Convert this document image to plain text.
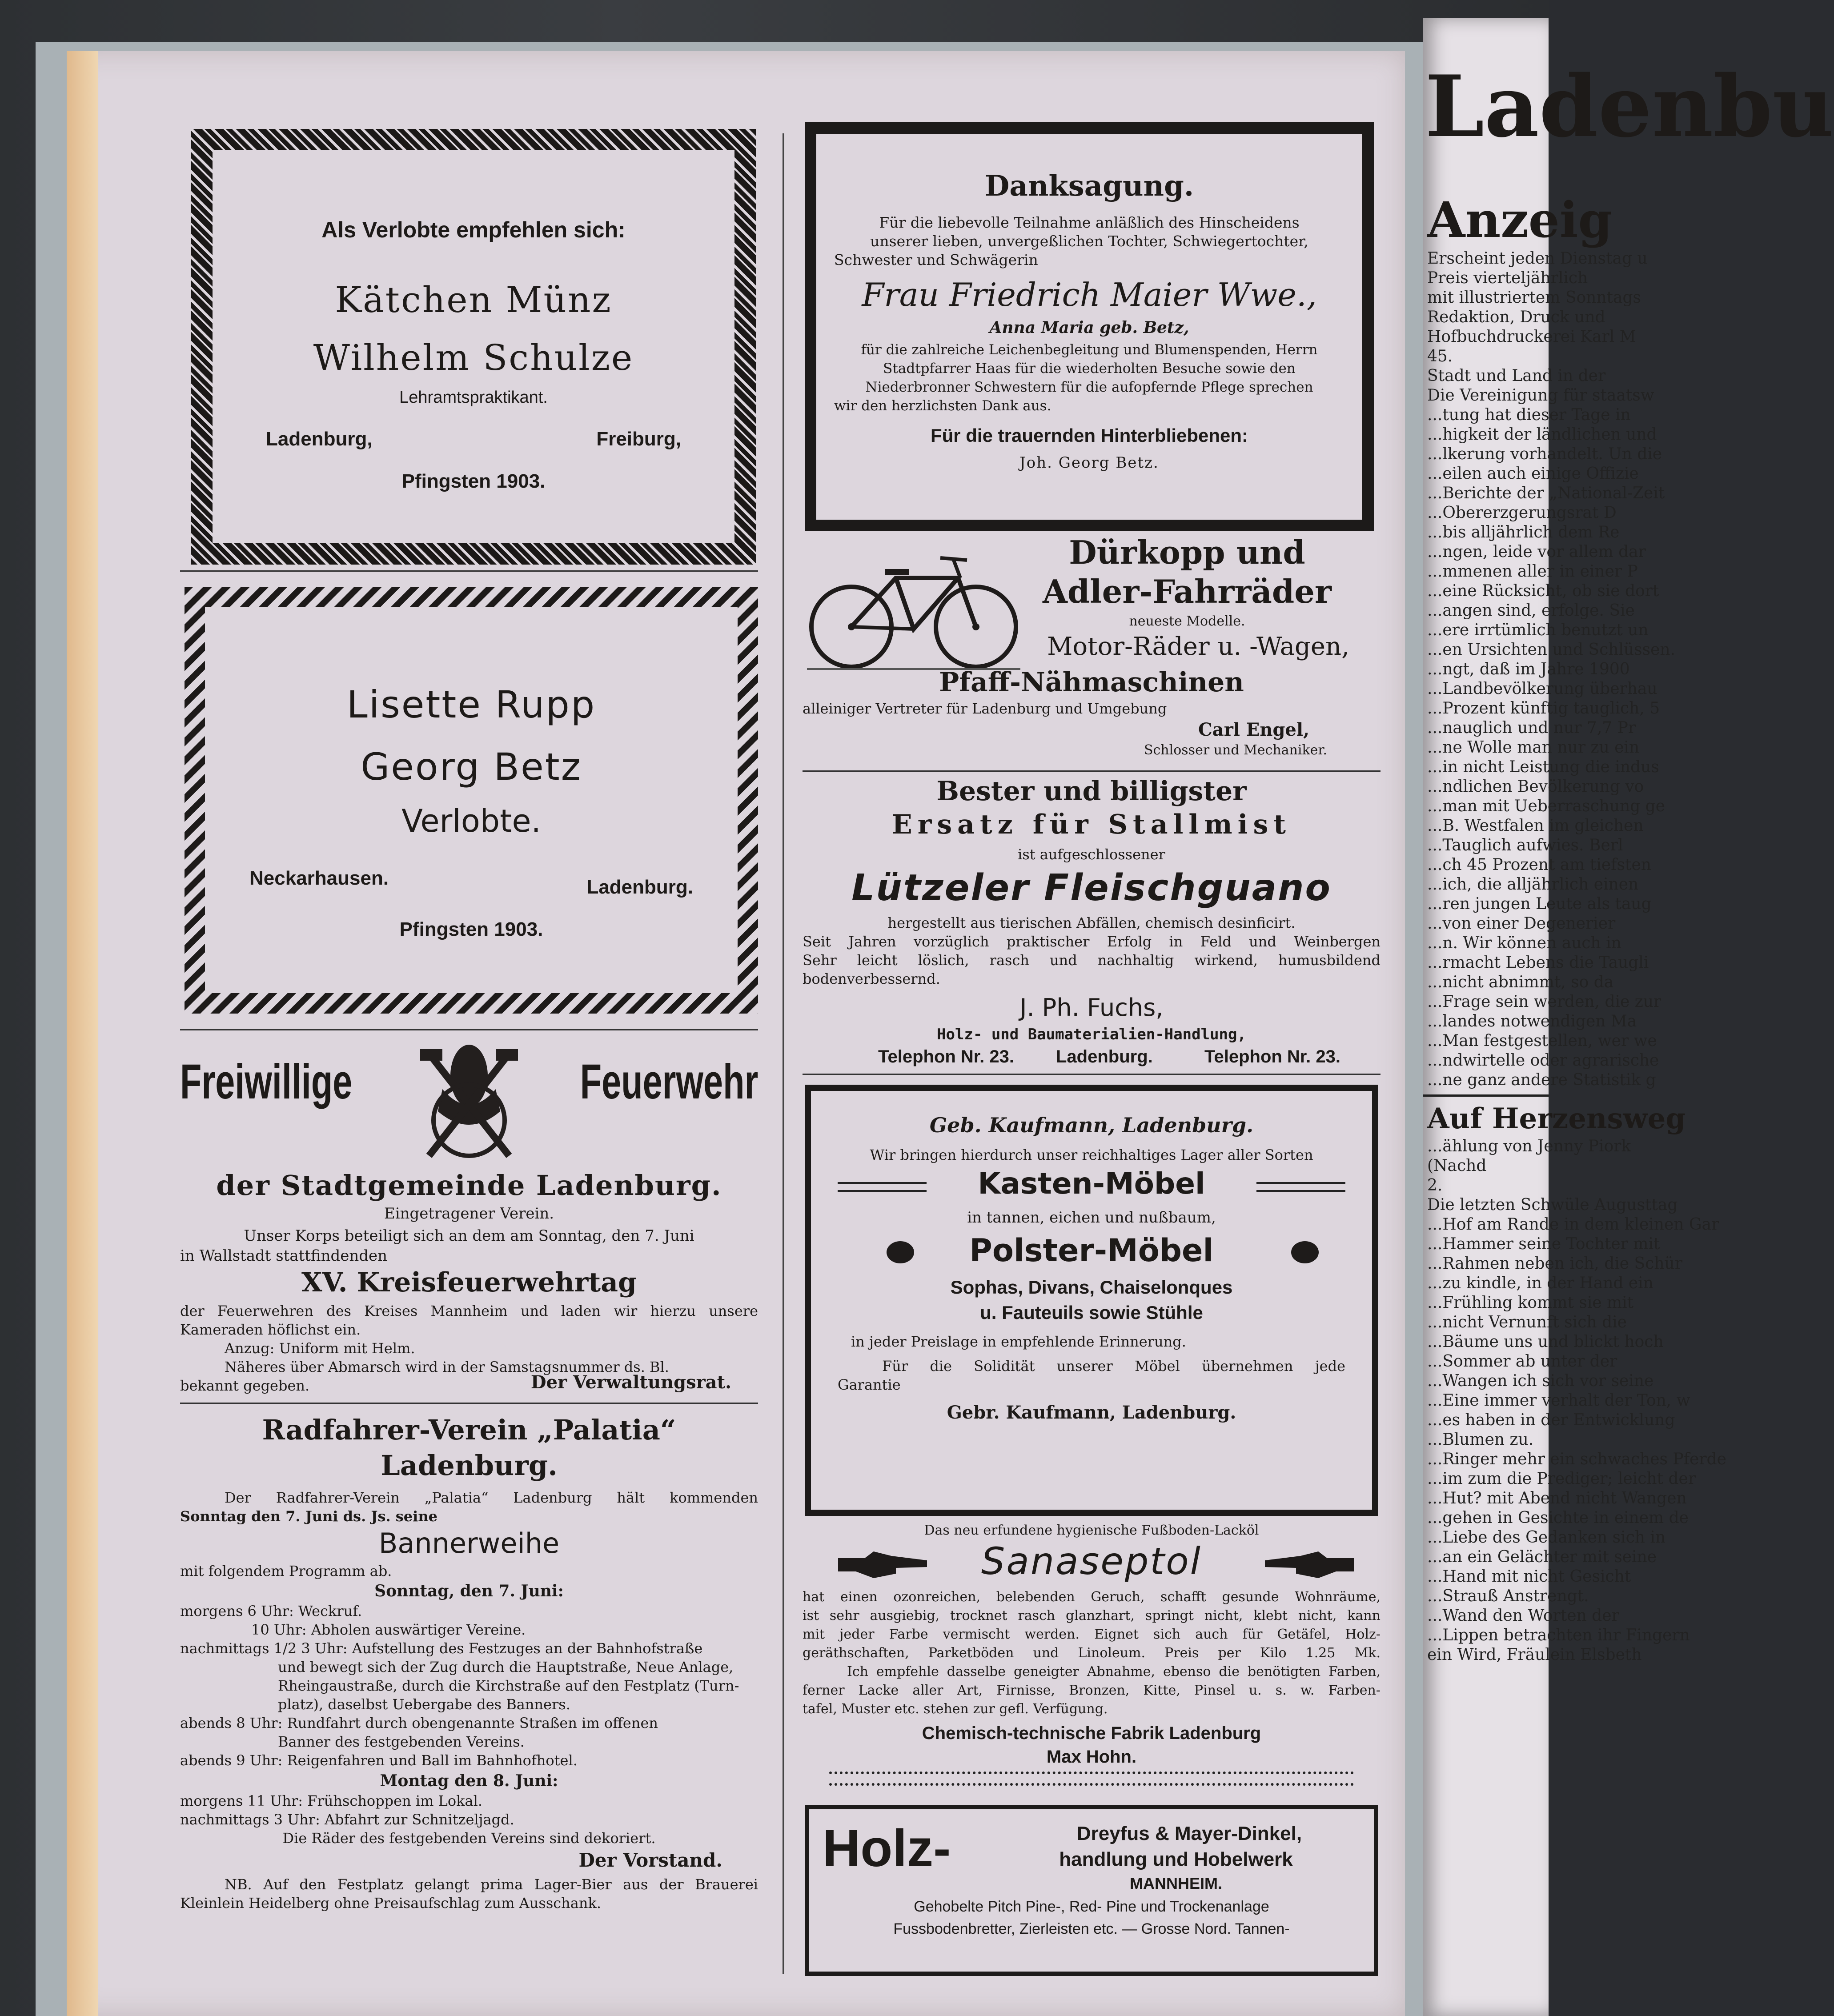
Als Verlobte empfehlen sich:
Kätchen Münz
Wilhelm Schulze
Lehramtspraktikant.
Ladenburg,	Freiburg,
Pfingsten 1903.
Lisette Rupp
Georg Betz
Verlobte.
Neckarhausen.	Ladenburg.
Pfingsten 1903.
Freiwillige	Feuerwehr
der Stadtgemeinde Ladenburg.
Eingetragener Verein.
Unser Korps beteiligt sich an dem am Sonntag, den 7. Juni
in Wallstadt stattfindenden
XV. Kreisfeuerwehrtag
der Feuerwehren des Kreises Mannheim und laden wir hierzu unsere
Kameraden höflichst ein.
Anzug: Uniform mit Helm.
Näheres über Abmarsch wird in der Samstagsnummer ds. Bl.
bekannt gegeben.	Der Verwaltungsrat.
Radfahrer-Verein „Palatia“
Ladenburg.
Der Radfahrer-Verein „Palatia“ Ladenburg hält kommenden
Sonntag den 7. Juni ds. Js. seine
Bannerweihe
mit folgendem Programm ab.
Sonntag, den 7. Juni:
morgens 6 Uhr: Weckruf.
10 Uhr: Abholen auswärtiger Vereine.
nachmittags 1/2 3 Uhr: Aufstellung des Festzuges an der Bahnhofstraße
und bewegt sich der Zug durch die Hauptstraße, Neue Anlage,
Rheingaustraße, durch die Kirchstraße auf den Festplatz (Turn-
platz), daselbst Uebergabe des Banners.
abends 8 Uhr: Rundfahrt durch obengenannte Straßen im offenen
Banner des festgebenden Vereins.
abends 9 Uhr: Reigenfahren und Ball im Bahnhofhotel.
Montag den 8. Juni:
morgens 11 Uhr: Frühschoppen im Lokal.
nachmittags 3 Uhr: Abfahrt zur Schnitzeljagd.
Die Räder des festgebenden Vereins sind dekoriert.
Der Vorstand.
NB. Auf den Festplatz gelangt prima Lager-Bier aus der Brauerei
Kleinlein Heidelberg ohne Preisaufschlag zum Ausschank.
Danksagung.
Für die liebevolle Teilnahme anläßlich des Hinscheidens
unserer lieben, unvergeßlichen Tochter, Schwiegertochter,
Schwester und Schwägerin
Frau Friedrich Maier Wwe.,
Anna Maria geb. Betz,
für die zahlreiche Leichenbegleitung und Blumenspenden, Herrn
Stadtpfarrer Haas für die wiederholten Besuche sowie den
Niederbronner Schwestern für die aufopfernde Pflege sprechen
wir den herzlichsten Dank aus.
Für die trauernden Hinterbliebenen:
Joh. Georg Betz.
Dürkopp und
Adler-Fahrräder
neueste Modelle.
Motor-Räder u. -Wagen,
Pfaff-Nähmaschinen
alleiniger Vertreter für Ladenburg und Umgebung
Carl Engel,
Schlosser und Mechaniker.
Bester und billigster
Ersatz für Stallmist
ist aufgeschlossener
Lützeler Fleischguano
hergestellt aus tierischen Abfällen, chemisch desinficirt.
Seit Jahren vorzüglich praktischer Erfolg in Feld und Weinbergen
Sehr leicht löslich, rasch und nachhaltig wirkend, humusbildend
bodenverbessernd.
J. Ph. Fuchs,
Holz- und Baumaterialien-Handlung,
Telephon Nr. 23.	Ladenburg.	Telephon Nr. 23.
Geb. Kaufmann, Ladenburg.
Wir bringen hierdurch unser reichhaltiges Lager aller Sorten
Kasten-Möbel
in tannen, eichen und nußbaum,
Polster-Möbel
Sophas, Divans, Chaiselonques
u. Fauteuils sowie Stühle
in jeder Preislage in empfehlende Erinnerung.
Für die Solidität unserer Möbel übernehmen jede
Garantie
Gebr. Kaufmann, Ladenburg.
Das neu erfundene hygienische Fußboden-Lacköl
Sanaseptol
hat einen ozonreichen, belebenden Geruch, schafft gesunde Wohnräume,
ist sehr ausgiebig, trocknet rasch glanzhart, springt nicht, klebt nicht, kann
mit jeder Farbe vermischt werden. Eignet sich auch für Getäfel, Holz-
geräthschaften, Parketböden und Linoleum. Preis per Kilo 1.25 Mk.
Ich empfehle dasselbe geneigter Abnahme, ebenso die benötigten Farben,
ferner Lacke aller Art, Firnisse, Bronzen, Kitte, Pinsel u. s. w. Farben-
tafel, Muster etc. stehen zur gefl. Verfügung.
Chemisch-technische Fabrik Ladenburg
Max Hohn.
Holz-	Dreyfus & Mayer-Dinkel,
handlung und Hobelwerk
MANNHEIM.
Gehobelte Pitch Pine-, Red- Pine und Trockenanlage
Fussbodenbretter, Zierleisten etc. — Grosse Nord. Tannen-
Ladenbu
Anzeig
Erscheint jeden Dienstag u
Preis vierteljährlich
mit illustriertem Sonntags
Redaktion, Druck und
Hofbuchdruckerei Karl M
45.
Stadt und Land in der
Die Vereinigung für staatsw
...tung hat dieser Tage in
...higkeit der ländlichen und
...lkerung vorhandelt. Un die
...eilen auch einige Offizie
...Berichte der „National-Zeit
...Obererzgerungsrat D
...bis alljährlich dem Re
...ngen, leide vor allem dar
...mmenen aller in einer P
...eine Rücksicht, ob sie dort
...angen sind, erfolge. Sie
...ere irrtümlich benutzt un
...en Ursichten und Schlüssen.
...ngt, daß im Jahre 1900
...Landbevölkerung überhau
...Prozent künftig tauglich, 5
...nauglich und nur 7,7 Pr
...ne Wolle man nur zu ein
...in nicht Leistung die indus
...ndlichen Bevölkerung vo
...man mit Ueberraschung ge
...B. Westfalen im gleichen
...Tauglich aufwies. Berl
...ch 45 Prozent am tiefsten
...ich, die alljährlich einen
...ren jungen Leute als taug
...von einer Degenerier
...n. Wir können auch in
...rmacht Lebens die Taugli
...nicht abnimmt, so da
...Frage sein werden, die zur
...landes notwendigen Ma
...Man festgestellen, wer we
...ndwirtelle oder agrarische
...ne ganz andere Statistik g
Auf Herzensweg
...ählung von Jenny Piork
(Nachd
2.
Die letzten Schwüle Augusttag
...Hof am Rande in dem kleinen Gar
...Hammer seine Tochter mit
...Rahmen neben ich, die Schür
...zu kindle, in der Hand ein
...Frühling kommt sie mit
...nicht Vernunft sich die
...Bäume uns und blickt hoch
...Sommer ab unter der
...Wangen ich sich vor seine
...Eine immer verhalt der Ton, w
...es haben in der Entwicklung
...Blumen zu.
...Ringer mehr ein schwaches Pferde
...im zum die Prediger; leicht der
...Hut? mit Abend nicht Wangen
...gehen in Gesichte in einem de
...Liebe des Gedanken sich in
...an ein Gelächter mit seine
...Hand mit nicht Gesicht
...Strauß Anstrengt.
...Wand den Worten der
...Lippen betrachten ihr Fingern
ein Wird, Fräulein Elsbeth
